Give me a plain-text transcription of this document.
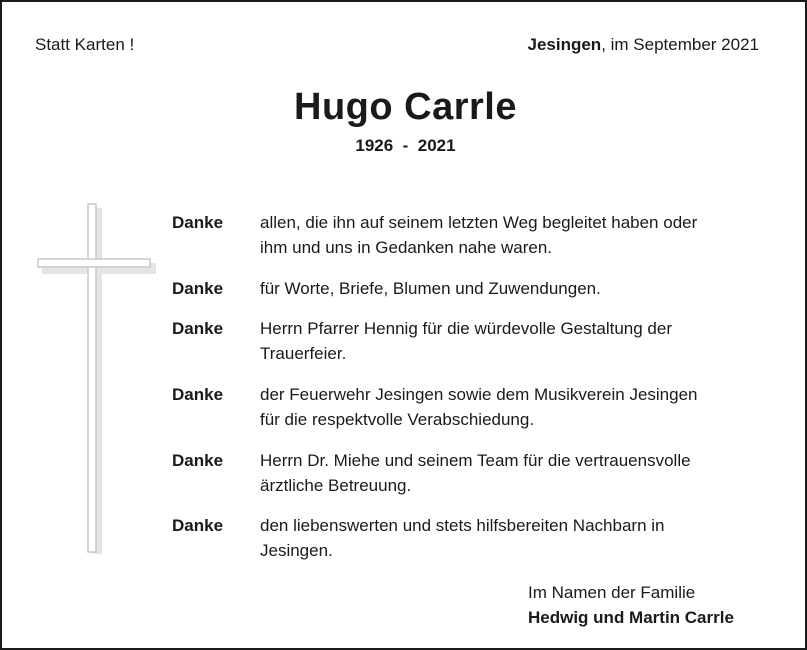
Statt Karten !	Jesingen, im September 2021
Hugo Carrle
1926  -  2021
Danke allen, die ihn auf seinem letzten Weg begleitet haben oder
ihm und uns in Gedanken nahe waren.
Danke für Worte, Briefe, Blumen und Zuwendungen.
Danke Herrn Pfarrer Hennig für die würdevolle Gestaltung der
Trauerfeier.
Danke der Feuerwehr Jesingen sowie dem Musikverein Jesingen
für die respektvolle Verabschiedung.
Danke Herrn Dr. Miehe und seinem Team für die vertrauensvolle
ärztliche Betreuung.
Danke den liebenswerten und stets hilfsbereiten Nachbarn in
Jesingen.
Im Namen der Familie
Hedwig und Martin Carrle
